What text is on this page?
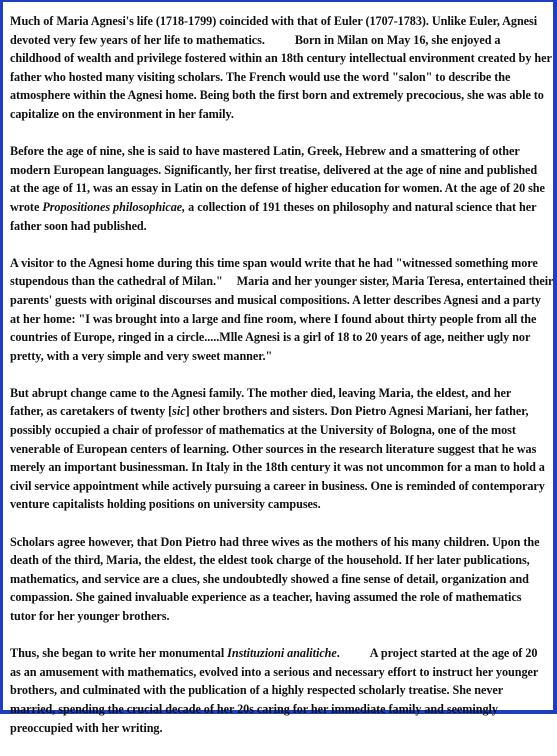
Much of Maria Agnesi's life (1718-1799) coincided with that of Euler (1707-1783). Unlike Euler, Agnesi
devoted very few years of her life to mathematics. Born in Milan on May 16, she enjoyed a
childhood of wealth and privilege fostered within an 18th century intellectual environment created by her
father who hosted many visiting scholars. The French would use the word "salon" to describe the
atmosphere within the Agnesi home. Being both the first born and extremely precocious, she was able to
capitalize on the environment in her family.

Before the age of nine, she is said to have mastered Latin, Greek, Hebrew and a smattering of other
modern European languages. Significantly, her first treatise, delivered at the age of nine and published
at the age of 11, was an essay in Latin on the defense of higher education for women. At the age of 20 she
wrote Propositiones philosophicae, a collection of 191 theses on philosophy and natural science that her
father soon had published.

A visitor to the Agnesi home during this time span would write that he had "witnessed something more
stupendous than the cathedral of Milan." Maria and her younger sister, Maria Teresa, entertained their
parents' guests with original discourses and musical compositions. A letter describes Agnesi and a party
at her home: "I was brought into a large and fine room, where I found about thirty people from all the
countries of Europe, ringed in a circle.....Mlle Agnesi is a girl of 18 to 20 years of age, neither ugly nor
pretty, with a very simple and very sweet manner."

But abrupt change came to the Agnesi family. The mother died, leaving Maria, the eldest, and her
father, as caretakers of twenty [sic] other brothers and sisters. Don Pietro Agnesi Mariani, her father,
possibly occupied a chair of professor of mathematics at the University of Bologna, one of the most
venerable of European centers of learning. Other sources in the research literature suggest that he was
merely an important businessman. In Italy in the 18th century it was not uncommon for a man to hold a
civil service appointment while actively pursuing a career in business. One is reminded of contemporary
venture capitalists holding positions on university campuses.

Scholars agree however, that Don Pietro had three wives as the mothers of his many children. Upon the
death of the third, Maria, the eldest, the eldest took charge of the household. If her later publications,
mathematics, and service are a clues, she undoubtedly showed a fine sense of detail, organization and
compassion. She gained invaluable experience as a teacher, having assumed the role of mathematics
tutor for her younger brothers.

Thus, she began to write her monumental Instituzioni analitiche. A project started at the age of 20
as an amusement with mathematics, evolved into a serious and necessary effort to instruct her younger
brothers, and culminated with the publication of a highly respected scholarly treatise. She never
married, spending the crucial decade of her 20s caring for her immediate family and seemingly
preoccupied with her writing.
